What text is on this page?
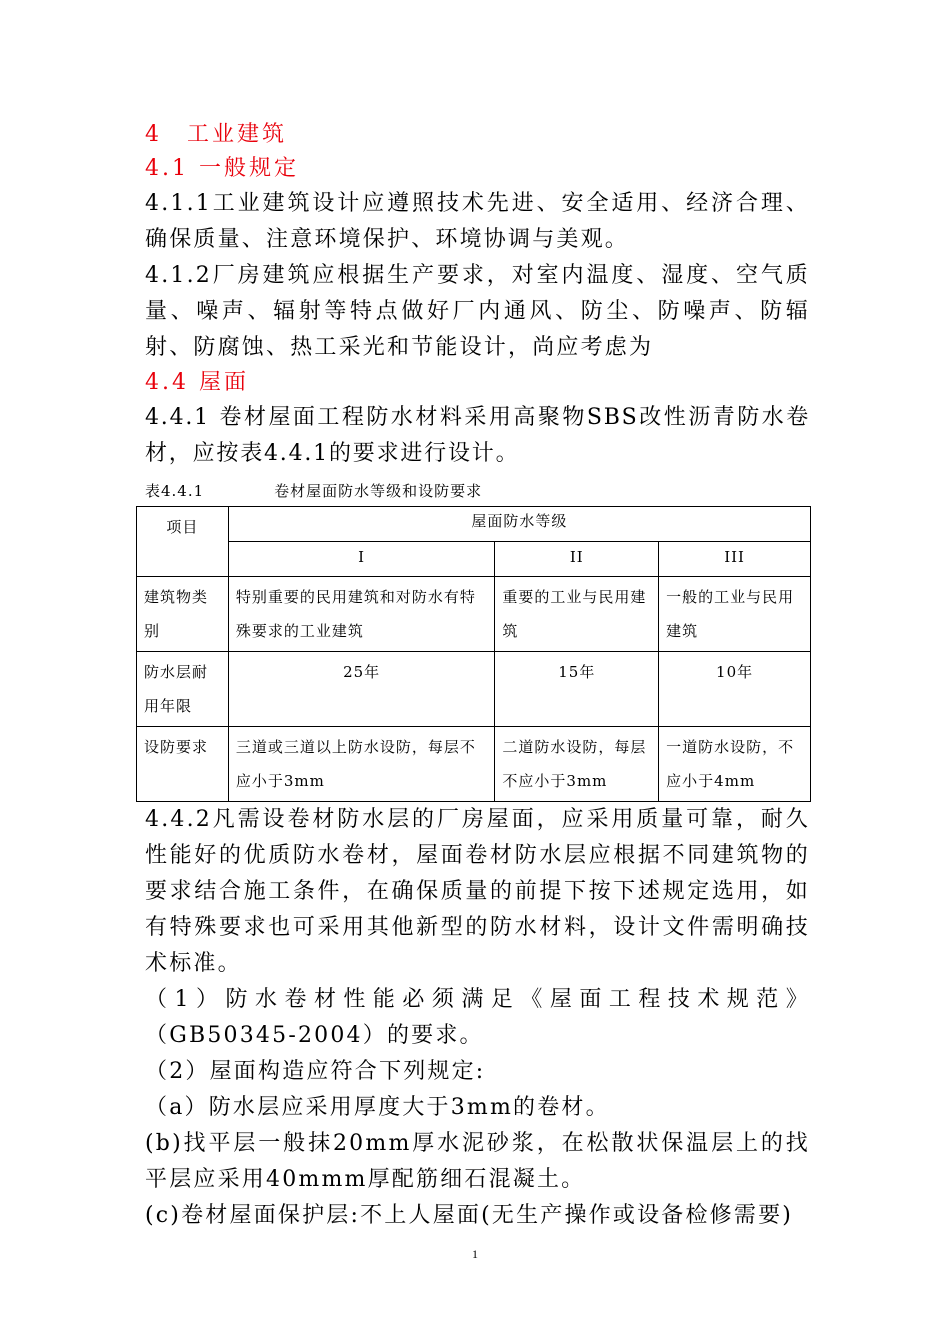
4　工业建筑
4.1 一般规定

4.1.1工业建筑设计应遵照技术先进、安全适用、经济合理、确保质量、注意环境保护、环境协调与美观。

4.1.2厂房建筑应根据生产要求，对室内温度、湿度、空气质量、噪声、辐射等特点做好厂内通风、防尘、防噪声、防辐射、防腐蚀、热工采光和节能设计，尚应考虑为

4.4 屋面

4.4.1 卷材屋面工程防水材料采用高聚物SBS改性沥青防水卷材，应按表4.4.1的要求进行设计。

表4.4.1	卷材屋面防水等级和设防要求
项目	屋面防水等级		
	I	II	III
建筑物类别	特别重要的民用建筑和对防水有特殊要求的工业建筑	重要的工业与民用建筑	一般的工业与民用建筑
防水层耐用年限	25年	15年	10年
设防要求	三道或三道以上防水设防，每层不应小于3mm	二道防水设防，每层不应小于3mm	一道防水设防，不应小于4mm

4.4.2凡需设卷材防水层的厂房屋面，应采用质量可靠，耐久性能好的优质防水卷材，屋面卷材防水层应根据不同建筑物的要求结合施工条件，在确保质量的前提下按下述规定选用，如有特殊要求也可采用其他新型的防水材料，设计文件需明确技术标准。

（1）防水卷材性能必须满足《屋面工程技术规范》（GB50345-2004）的要求。

（2）屋面构造应符合下列规定:

（a）防水层应采用厚度大于3mm的卷材。

(b)找平层一般抹20mm厚水泥砂浆，在松散状保温层上的找平层应采用40mmm厚配筋细石混凝土。

(c)卷材屋面保护层:不上人屋面(无生产操作或设备检修需要)

1
